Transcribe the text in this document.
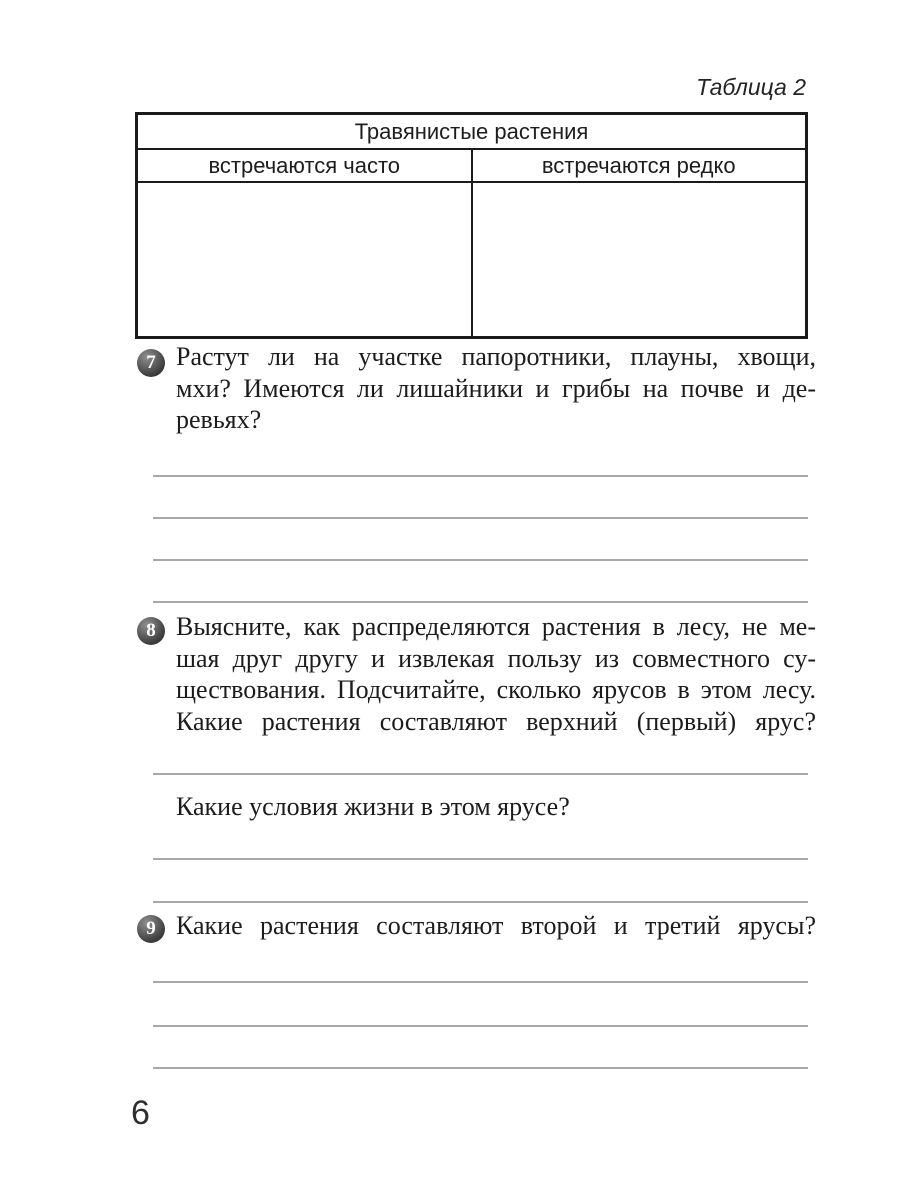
Таблица 2
Травянистые растения
встречаются часто	встречаются редко
7 Растут ли на участке папоротники, плауны, хвощи,
мхи? Имеются ли лишайники и грибы на почве и де-
ревьях?
8 Выясните, как распределяются растения в лесу, не ме-
шая друг другу и извлекая пользу из совместного су-
ществования. Подсчитайте, сколько ярусов в этом лесу.
Какие растения составляют верхний (первый) ярус?
Какие условия жизни в этом ярусе?
9 Какие растения составляют второй и третий ярусы?
6
